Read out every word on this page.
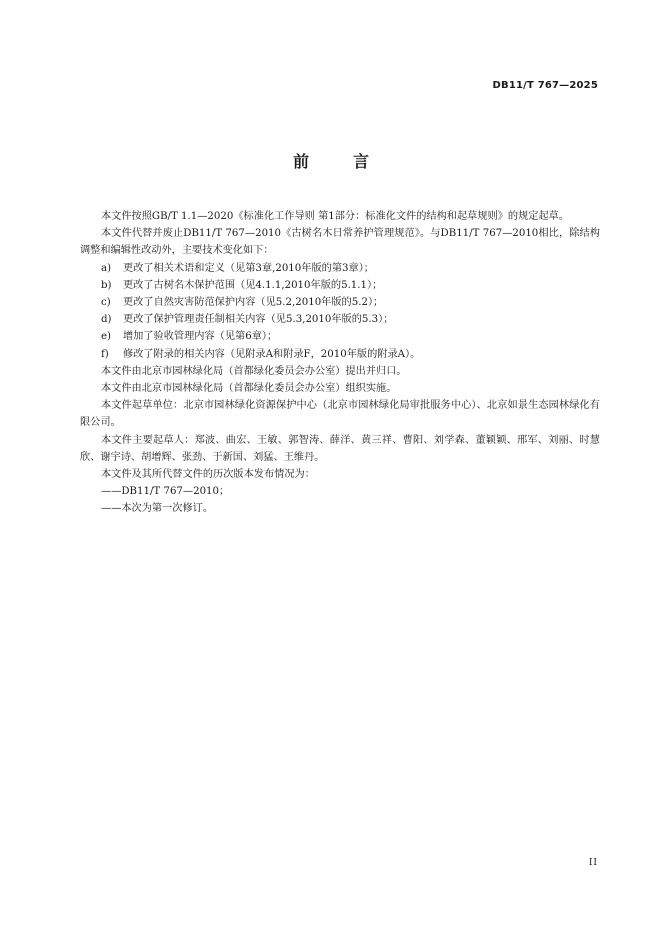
DB11/T 767—2025
前　言

本文件按照GB/T 1.1—2020《标准化工作导则 第1部分：标准化文件的结构和起草规则》的规定起草。

本文件代替并废止DB11/T 767—2010《古树名木日常养护管理规范》。与DB11/T 767—2010相比，除结构调整和编辑性改动外，主要技术变化如下：

a)	更改了相关术语和定义（见第3章,2010年版的第3章）；

b)	更改了古树名木保护范围（见4.1.1,2010年版的5.1.1）；

c)	更改了自然灾害防范保护内容（见5.2,2010年版的5.2）；

d)	更改了保护管理责任制相关内容（见5.3,2010年版的5.3）；

e)	增加了验收管理内容（见第6章）；

f)	修改了附录的相关内容（见附录A和附录F，2010年版的附录A）。

本文件由北京市园林绿化局（首都绿化委员会办公室）提出并归口。

本文件由北京市园林绿化局（首都绿化委员会办公室）组织实施。

本文件起草单位：北京市园林绿化资源保护中心（北京市园林绿化局审批服务中心）、北京如景生态园林绿化有限公司。

本文件主要起草人：郑波、曲宏、王敏、郭智涛、薛洋、黄三祥、曹阳、刘学森、董颖颖、邢军、刘丽、时慧欣、谢宇诗、胡增辉、张劲、于新国、刘猛、王维丹。

本文件及其所代替文件的历次版本发布情况为：

——DB11/T 767—2010；

——本次为第一次修订。

II
